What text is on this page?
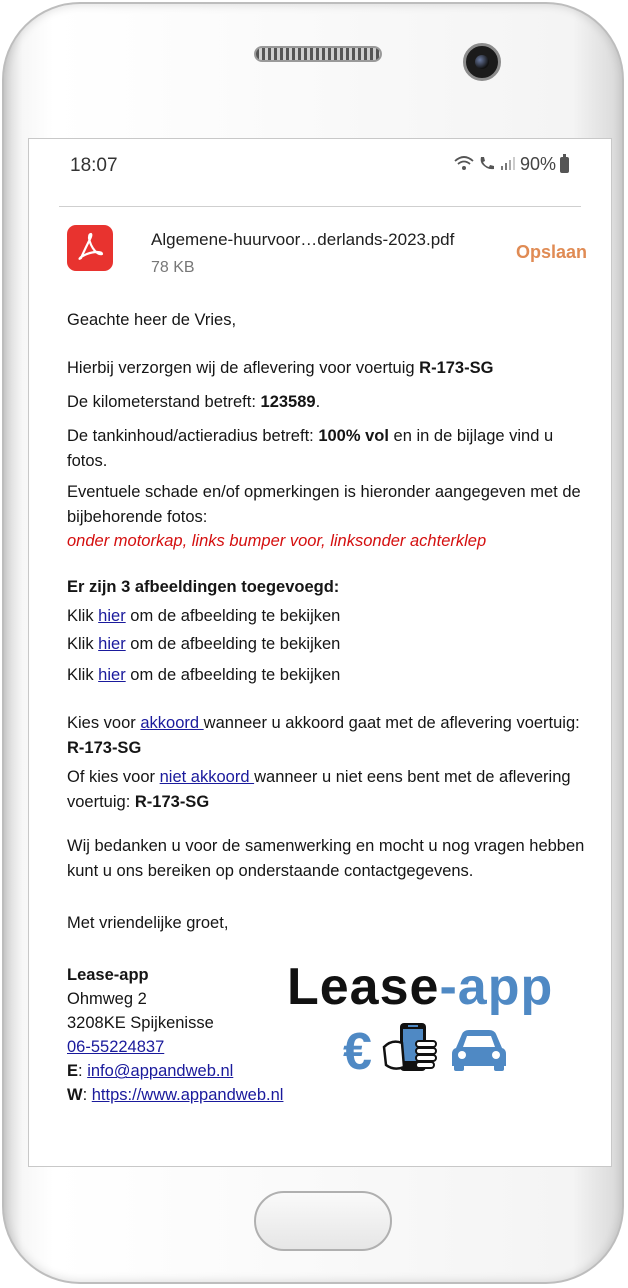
18:07	90%
Algemene-huurvoor…derlands-2023.pdf
78 KB
Opslaan
Geachte heer de Vries,
Hierbij verzorgen wij de aflevering voor voertuig R-173-SG
De kilometerstand betreft: 123589.
De tankinhoud/actieradius betreft: 100% vol en in de bijlage vind u fotos.
Eventuele schade en/of opmerkingen is hieronder aangegeven met de bijbehorende fotos:
onder motorkap, links bumper voor, linksonder achterklep
Er zijn 3 afbeeldingen toegevoegd:
Klik hier om de afbeelding te bekijken
Klik hier om de afbeelding te bekijken
Klik hier om de afbeelding te bekijken
Kies voor akkoord wanneer u akkoord gaat met de aflevering voertuig: R-173-SG
Of kies voor niet akkoord wanneer u niet eens bent met de aflevering voertuig: R-173-SG
Wij bedanken u voor de samenwerking en mocht u nog vragen hebben kunt u ons bereiken op onderstaande contactgegevens.
Met vriendelijke groet,
Lease-app
Ohmweg 2
3208KE Spijkenisse
06-55224837
E: info@appandweb.nl
W: https://www.appandweb.nl
Lease-app
€
